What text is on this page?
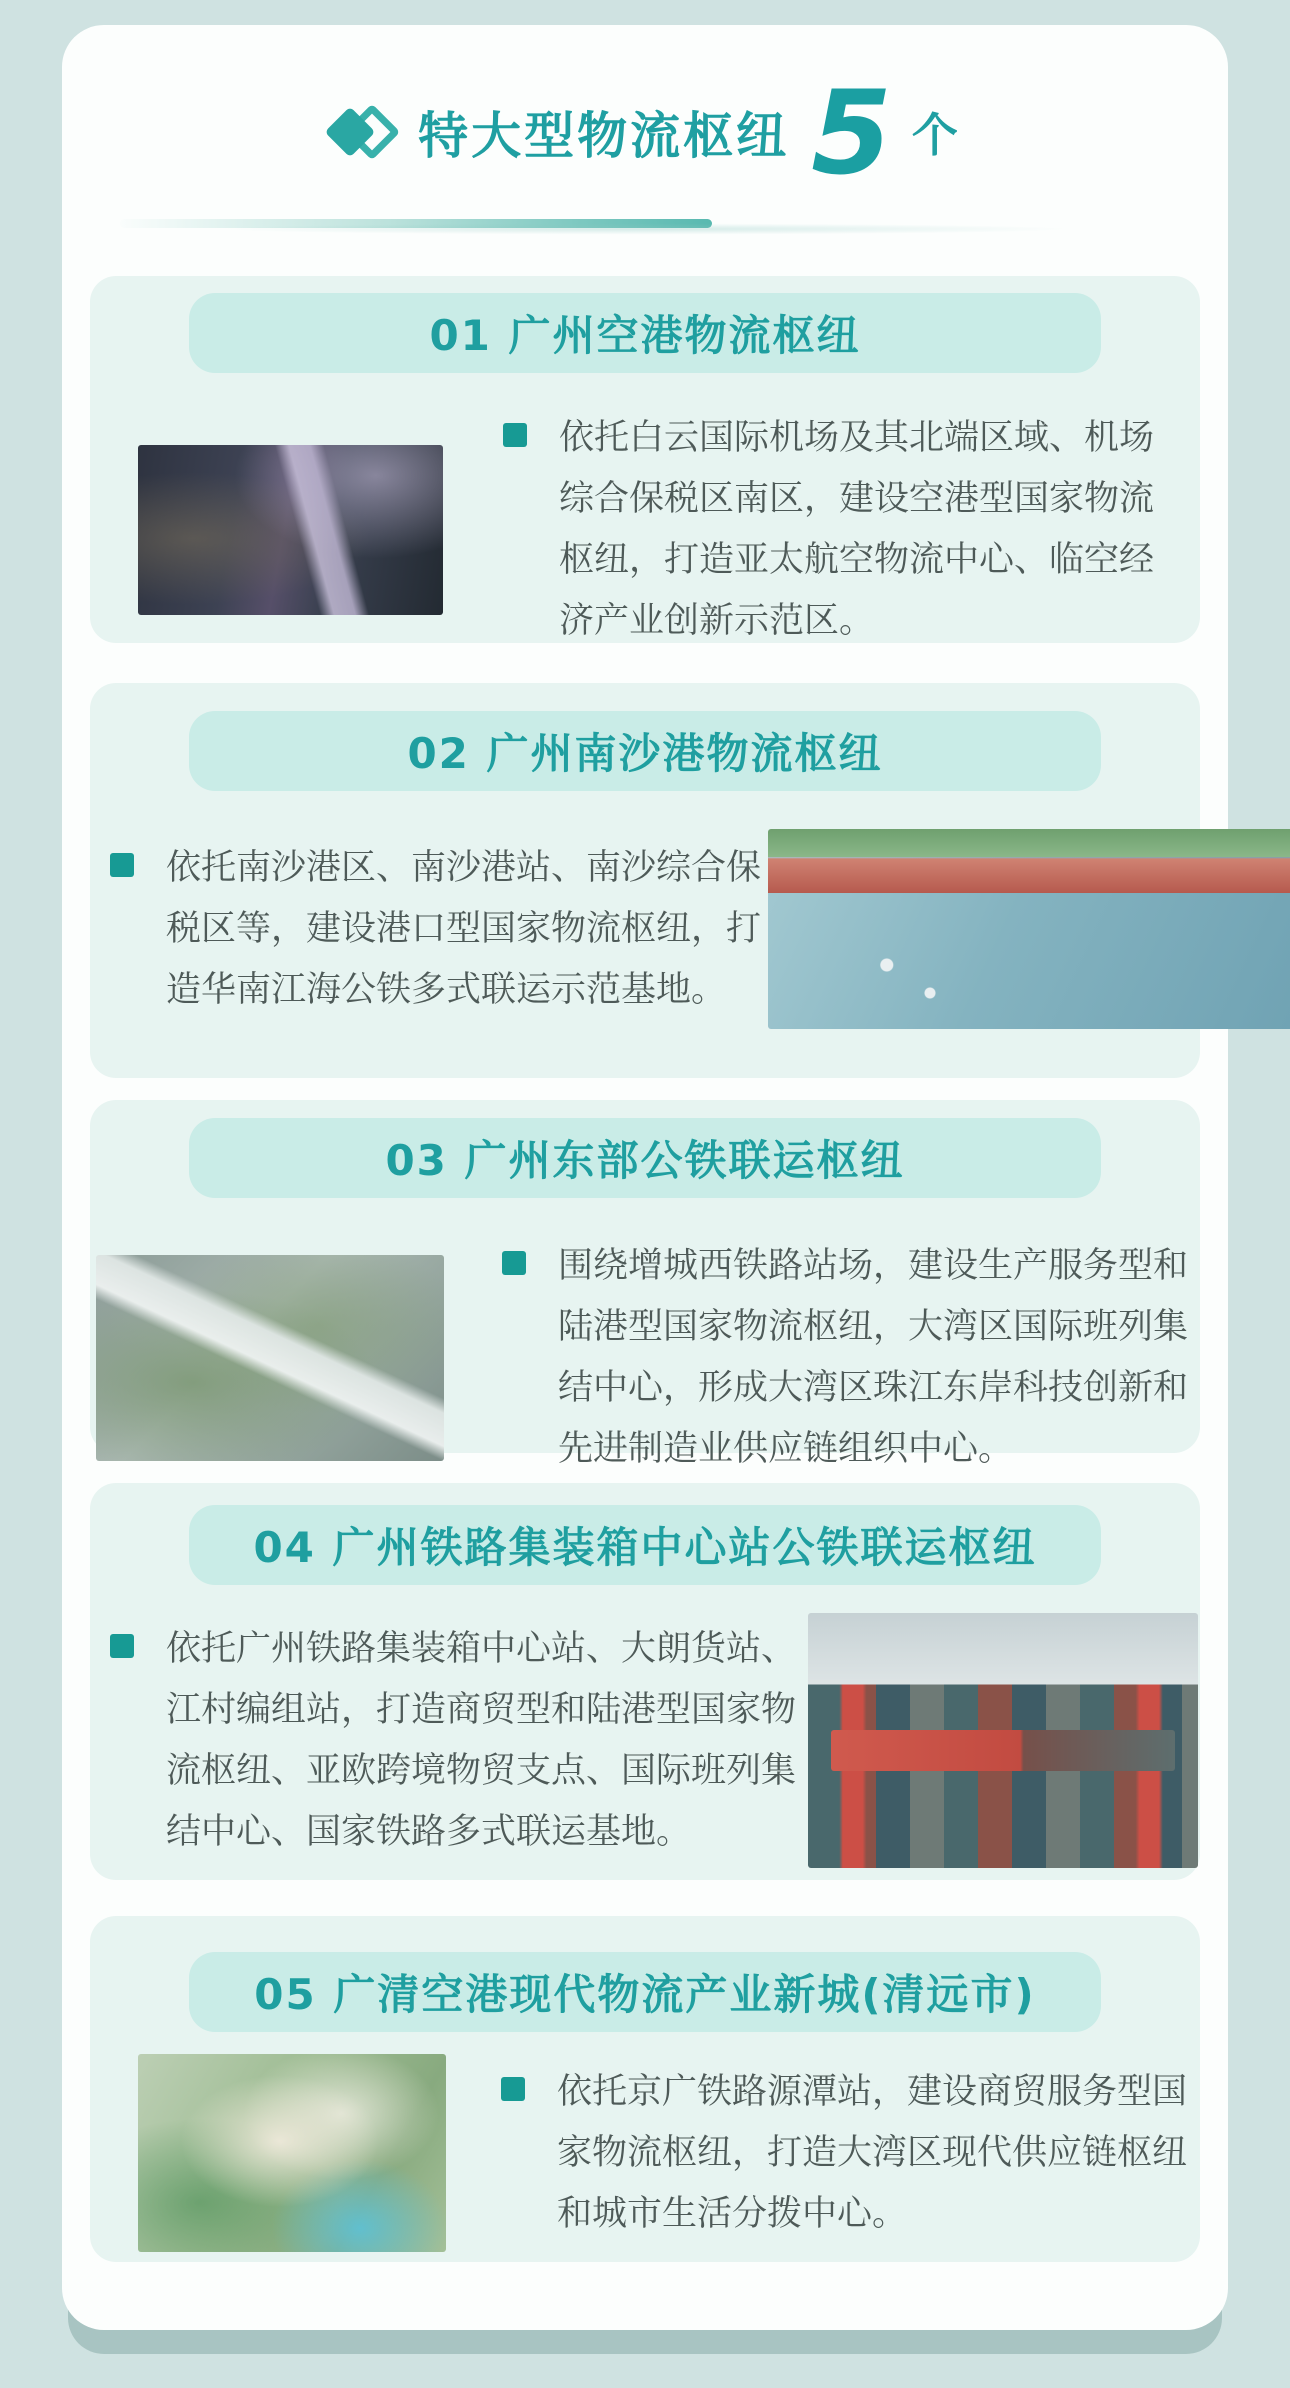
特大型物流枢纽 5 个
01 广州空港物流枢纽

依托白云国际机场及其北端区域、机场综合保税区南区，建设空港型国家物流枢纽，打造亚太航空物流中心、临空经济产业创新示范区。

02 广州南沙港物流枢纽

依托南沙港区、南沙港站、南沙综合保税区等，建设港口型国家物流枢纽，打造华南江海公铁多式联运示范基地。

03 广州东部公铁联运枢纽

围绕增城西铁路站场，建设生产服务型和陆港型国家物流枢纽，大湾区国际班列集结中心，形成大湾区珠江东岸科技创新和先进制造业供应链组织中心。

04 广州铁路集装箱中心站公铁联运枢纽

依托广州铁路集装箱中心站、大朗货站、江村编组站，打造商贸型和陆港型国家物流枢纽、亚欧跨境物贸支点、国际班列集结中心、国家铁路多式联运基地。

05 广清空港现代物流产业新城(清远市)

依托京广铁路源潭站，建设商贸服务型国家物流枢纽，打造大湾区现代供应链枢纽和城市生活分拨中心。
